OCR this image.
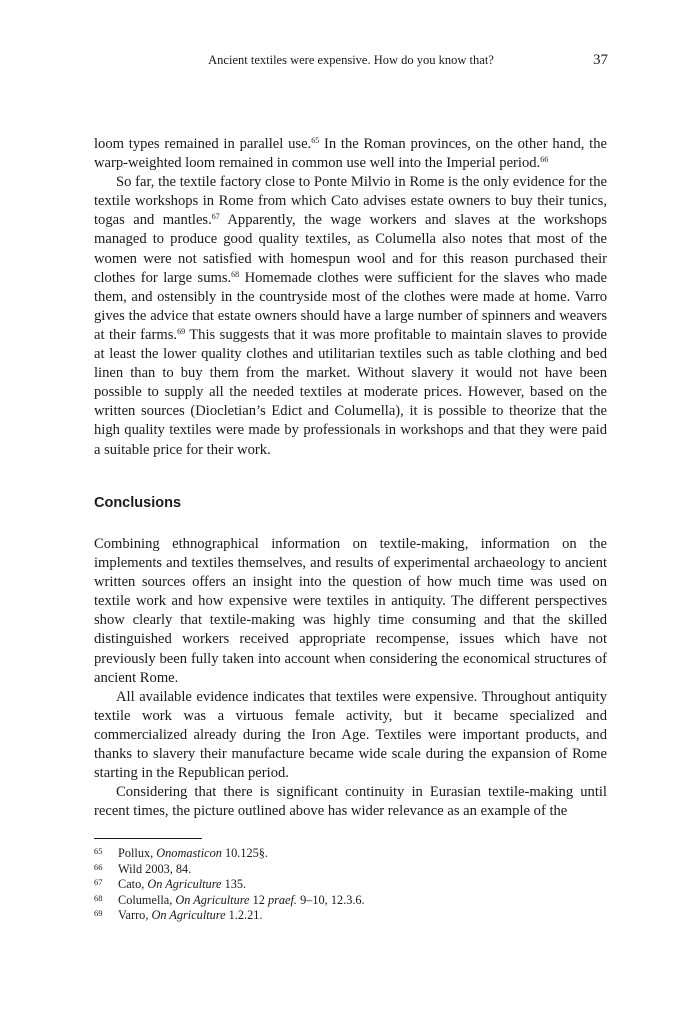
Ancient textiles were expensive. How do you know that?	37

loom types remained in parallel use.$^{65}$ In the Roman provinces, on the other hand, the warp-weighted loom remained in common use well into the Imperial period.$^{66}$

So far, the textile factory close to Ponte Milvio in Rome is the only evidence for the textile workshops in Rome from which Cato advises estate owners to buy their tunics, togas and mantles.$^{67}$ Apparently, the wage workers and slaves at the workshops managed to produce good quality textiles, as Columella also notes that most of the women were not satisfied with homespun wool and for this reason purchased their clothes for large sums.$^{68}$ Homemade clothes were sufficient for the slaves who made them, and ostensibly in the countryside most of the clothes were made at home. Varro gives the advice that estate owners should have a large number of spinners and weavers at their farms.$^{69}$ This suggests that it was more profitable to maintain slaves to provide at least the lower quality clothes and utilitarian textiles such as table clothing and bed linen than to buy them from the market. Without slavery it would not have been possible to supply all the needed textiles at moderate prices. However, based on the written sources (Diocletian’s Edict and Columella), it is possible to theorize that the high quality textiles were made by professionals in workshops and that they were paid a suitable price for their work.

Conclusions

Combining ethnographical information on textile-making, information on the implements and textiles themselves, and results of experimental archaeology to ancient written sources offers an insight into the question of how much time was used on textile work and how expensive were textiles in antiquity. The different perspectives show clearly that textile-making was highly time consuming and that the skilled distinguished workers received appropriate recompense, issues which have not previously been fully taken into account when considering the economical structures of ancient Rome.

All available evidence indicates that textiles were expensive. Throughout antiquity textile work was a virtuous female activity, but it became specialized and commercialized already during the Iron Age. Textiles were important products, and thanks to slavery their manufacture became wide scale during the expansion of Rome starting in the Republican period.

Considering that there is significant continuity in Eurasian textile-making until recent times, the picture outlined above has wider relevance as an example of the

65	Pollux, Onomasticon 10.125§.
66	Wild 2003, 84.
67	Cato, On Agriculture 135.
68	Columella, On Agriculture 12 praef. 9–10, 12.3.6.
69	Varro, On Agriculture 1.2.21.
